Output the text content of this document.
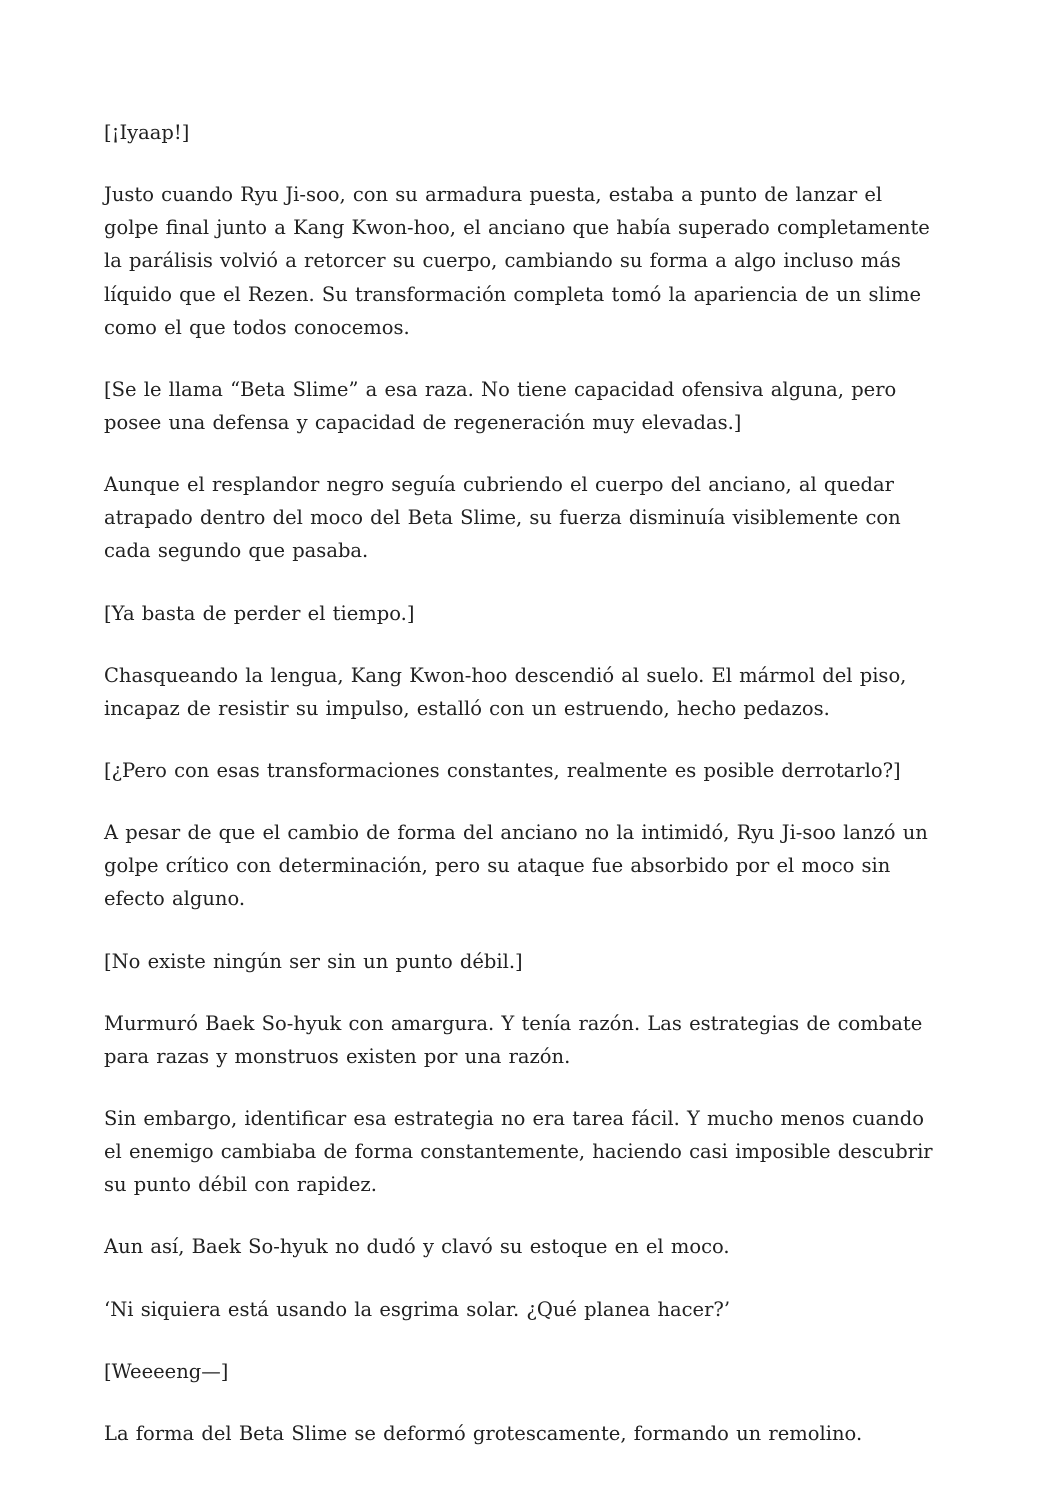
[¡Iyaap!]

Justo cuando Ryu Ji-soo, con su armadura puesta, estaba a punto de lanzar el golpe final junto a Kang Kwon-hoo, el anciano que había superado completamente la parálisis volvió a retorcer su cuerpo, cambiando su forma a algo incluso más líquido que el Rezen. Su transformación completa tomó la apariencia de un slime como el que todos conocemos.

[Se le llama “Beta Slime” a esa raza. No tiene capacidad ofensiva alguna, pero posee una defensa y capacidad de regeneración muy elevadas.]

Aunque el resplandor negro seguía cubriendo el cuerpo del anciano, al quedar atrapado dentro del moco del Beta Slime, su fuerza disminuía visiblemente con cada segundo que pasaba.

[Ya basta de perder el tiempo.]

Chasqueando la lengua, Kang Kwon-hoo descendió al suelo. El mármol del piso, incapaz de resistir su impulso, estalló con un estruendo, hecho pedazos.

[¿Pero con esas transformaciones constantes, realmente es posible derrotarlo?]

A pesar de que el cambio de forma del anciano no la intimidó, Ryu Ji-soo lanzó un golpe crítico con determinación, pero su ataque fue absorbido por el moco sin efecto alguno.

[No existe ningún ser sin un punto débil.]

Murmuró Baek So-hyuk con amargura. Y tenía razón. Las estrategias de combate para razas y monstruos existen por una razón.

Sin embargo, identificar esa estrategia no era tarea fácil. Y mucho menos cuando el enemigo cambiaba de forma constantemente, haciendo casi imposible descubrir su punto débil con rapidez.

Aun así, Baek So-hyuk no dudó y clavó su estoque en el moco.

‘Ni siquiera está usando la esgrima solar. ¿Qué planea hacer?’

[Weeeeng—]

La forma del Beta Slime se deformó grotescamente, formando un remolino.
